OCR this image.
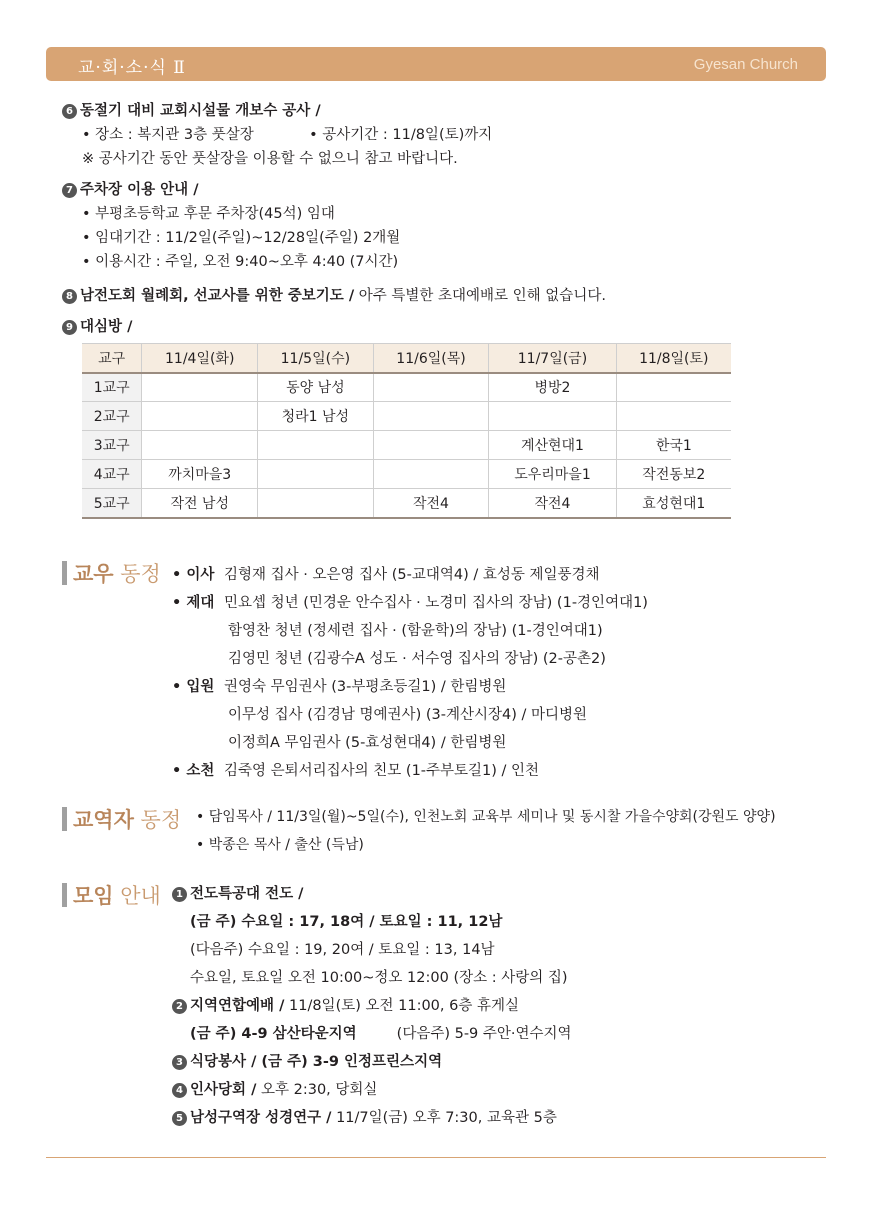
교·회·소·식 Ⅱ	Gyesan Church
6 동절기 대비 교회시설물 개보수 공사 /
• 장소 : 복지관 3층 풋살장            • 공사기간 : 11/8일(토)까지
※ 공사기간 동안 풋살장을 이용할 수 없으니 참고 바랍니다.
7 주차장 이용 안내 /
• 부평초등학교 후문 주차장(45석) 임대
• 임대기간 : 11/2일(주일)~12/28일(주일) 2개월
• 이용시간 : 주일, 오전 9:40~오후 4:40 (7시간)
8 남전도회 월례회, 선교사를 위한 중보기도 / 아주 특별한 초대예배로 인해 없습니다.
9 대심방 /
교구	11/4일(화)	11/5일(수)	11/6일(목)	11/7일(금)	11/8일(토)
1교구		동양 남성		병방2	
2교구		청라1 남성			
3교구				계산현대1	한국1
4교구	까치마을3			도우리마을1	작전동보2
5교구	작전 남성		작전4	작전4	효성현대1
교우 동정 • 이사 김형재 집사 · 오은영 집사 (5-교대역4) / 효성동 제일풍경채
• 제대 민요셉 청년 (민경운 안수집사 · 노경미 집사의 장남) (1-경인여대1)
함영찬 청년 (정세련 집사 · (함윤학)의 장남) (1-경인여대1)
김영민 청년 (김광수A 성도 · 서수영 집사의 장남) (2-공촌2)
• 입원 권영숙 무임권사 (3-부평초등길1) / 한림병원
이무성 집사 (김경남 명예권사) (3-계산시장4) / 마디병원
이정희A 무임권사 (5-효성현대4) / 한림병원
• 소천 김죽영 은퇴서리집사의 친모 (1-주부토길1) / 인천
교역자 동정 • 담임목사 / 11/3일(월)~5일(수), 인천노회 교육부 세미나 및 동시찰 가을수양회(강원도 양양)
• 박종은 목사 / 출산 (득남)
모임 안내	1 전도특공대 전도 /
(금 주) 수요일 : 17, 18여 / 토요일 : 11, 12남
(다음주) 수요일 : 19, 20여 / 토요일 : 13, 14남
수요일, 토요일 오전 10:00~정오 12:00 (장소 : 사랑의 집)
2 지역연합예배 / 11/8일(토) 오전 11:00, 6층 휴게실
(금 주) 4-9 삼산타운지역	(다음주) 5-9 주안·연수지역
3 식당봉사 / (금 주) 3-9 인정프린스지역
4 인사당회 / 오후 2:30, 당회실
5 남성구역장 성경연구 / 11/7일(금) 오후 7:30, 교육관 5층
